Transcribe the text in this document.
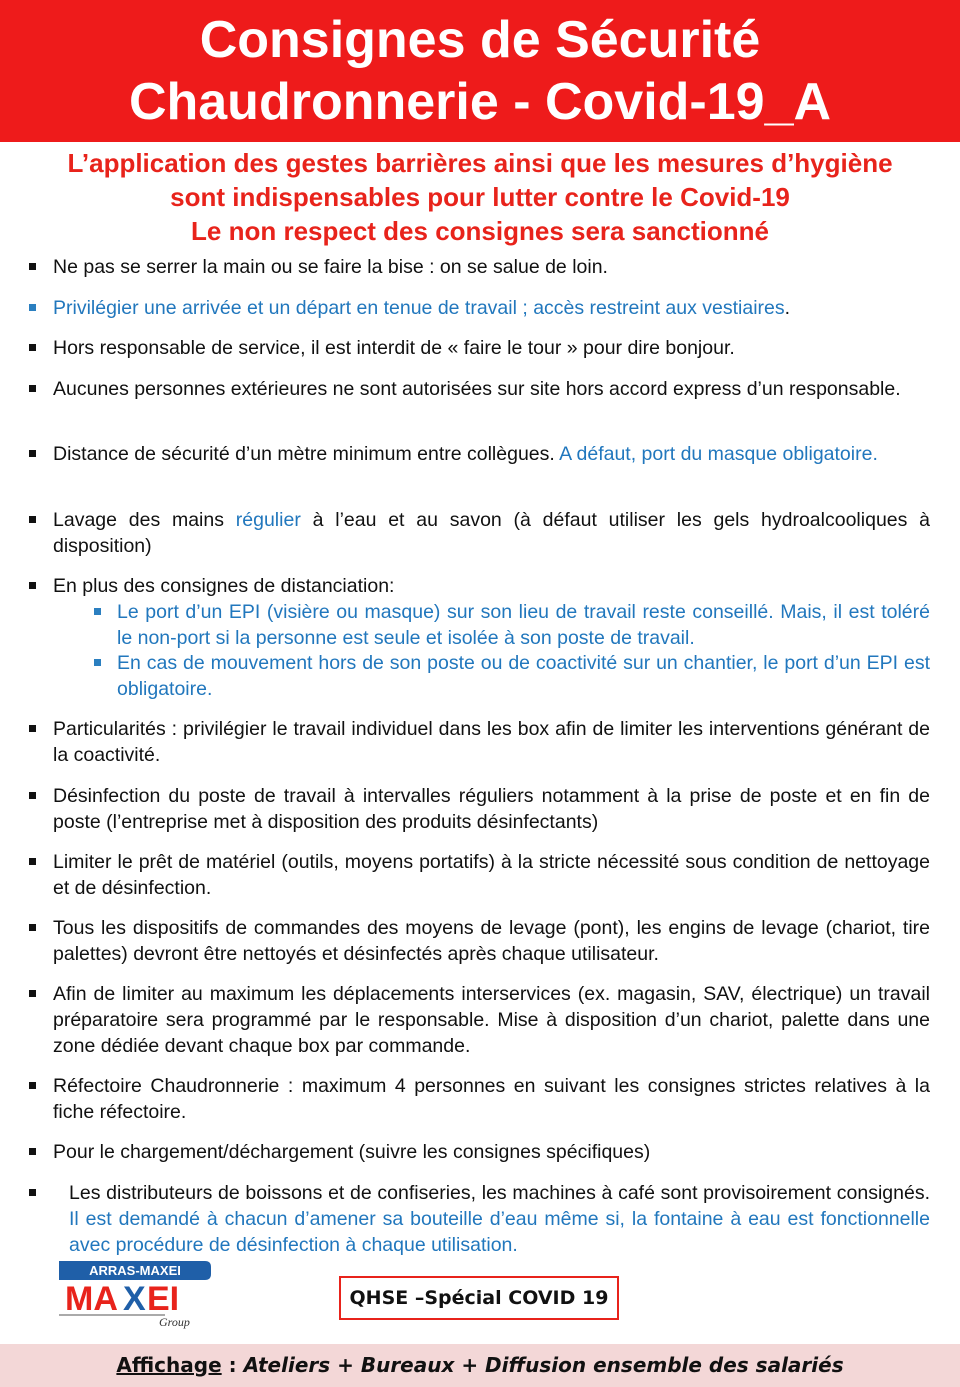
Consignes de Sécurité
Chaudronnerie - Covid-19_A
L’application des gestes barrières ainsi que les mesures d’hygiène
sont indispensables pour lutter contre le Covid-19
Le non respect des consignes sera sanctionné
Ne pas se serrer la main ou se faire la bise : on se salue de loin.
Privilégier une arrivée et un départ en tenue de travail ; accès restreint aux vestiaires.
Hors responsable de service, il est interdit de « faire le tour » pour dire bonjour.
Aucunes personnes extérieures ne sont autorisées sur site hors accord express d’un responsable.
Distance de sécurité d’un mètre minimum entre collègues. A défaut, port du masque obligatoire.
Lavage des mains régulier à l’eau et au savon (à défaut utiliser les gels hydroalcooliques à disposition)
En plus des consignes de distanciation:
Le port d’un EPI (visière ou masque) sur son lieu de travail reste conseillé. Mais, il est toléré le non-port si la personne est seule et isolée à son poste de travail.
En cas de mouvement hors de son poste ou de coactivité sur un chantier, le port d’un EPI est obligatoire.
Particularités : privilégier le travail individuel dans les box afin de limiter les interventions générant de la coactivité.
Désinfection du poste de travail à intervalles réguliers notamment à la prise de poste et en fin de poste (l’entreprise met à disposition des produits désinfectants)
Limiter le prêt de matériel (outils, moyens portatifs) à la stricte nécessité sous condition de nettoyage et de désinfection.
Tous les dispositifs de commandes des moyens de levage (pont), les engins de levage (chariot, tire palettes) devront être nettoyés et désinfectés après chaque utilisateur.
Afin de limiter au maximum les déplacements interservices (ex. magasin, SAV, électrique) un travail préparatoire sera programmé par le responsable. Mise à disposition d’un chariot, palette dans une zone dédiée devant chaque box par commande.
Réfectoire Chaudronnerie : maximum 4 personnes en suivant les consignes strictes relatives à la fiche réfectoire.
Pour le chargement/déchargement (suivre les consignes spécifiques)
Les distributeurs de boissons et de confiseries, les machines à café sont provisoirement consignés. Il est demandé à chacun d’amener sa bouteille d’eau même si, la fontaine à eau est fonctionnelle avec procédure de désinfection à chaque utilisation.
ARRAS-MAXEI
MA X EI
Group
QHSE –Spécial COVID 19
Affichage : Ateliers + Bureaux + Diffusion ensemble des salariés
